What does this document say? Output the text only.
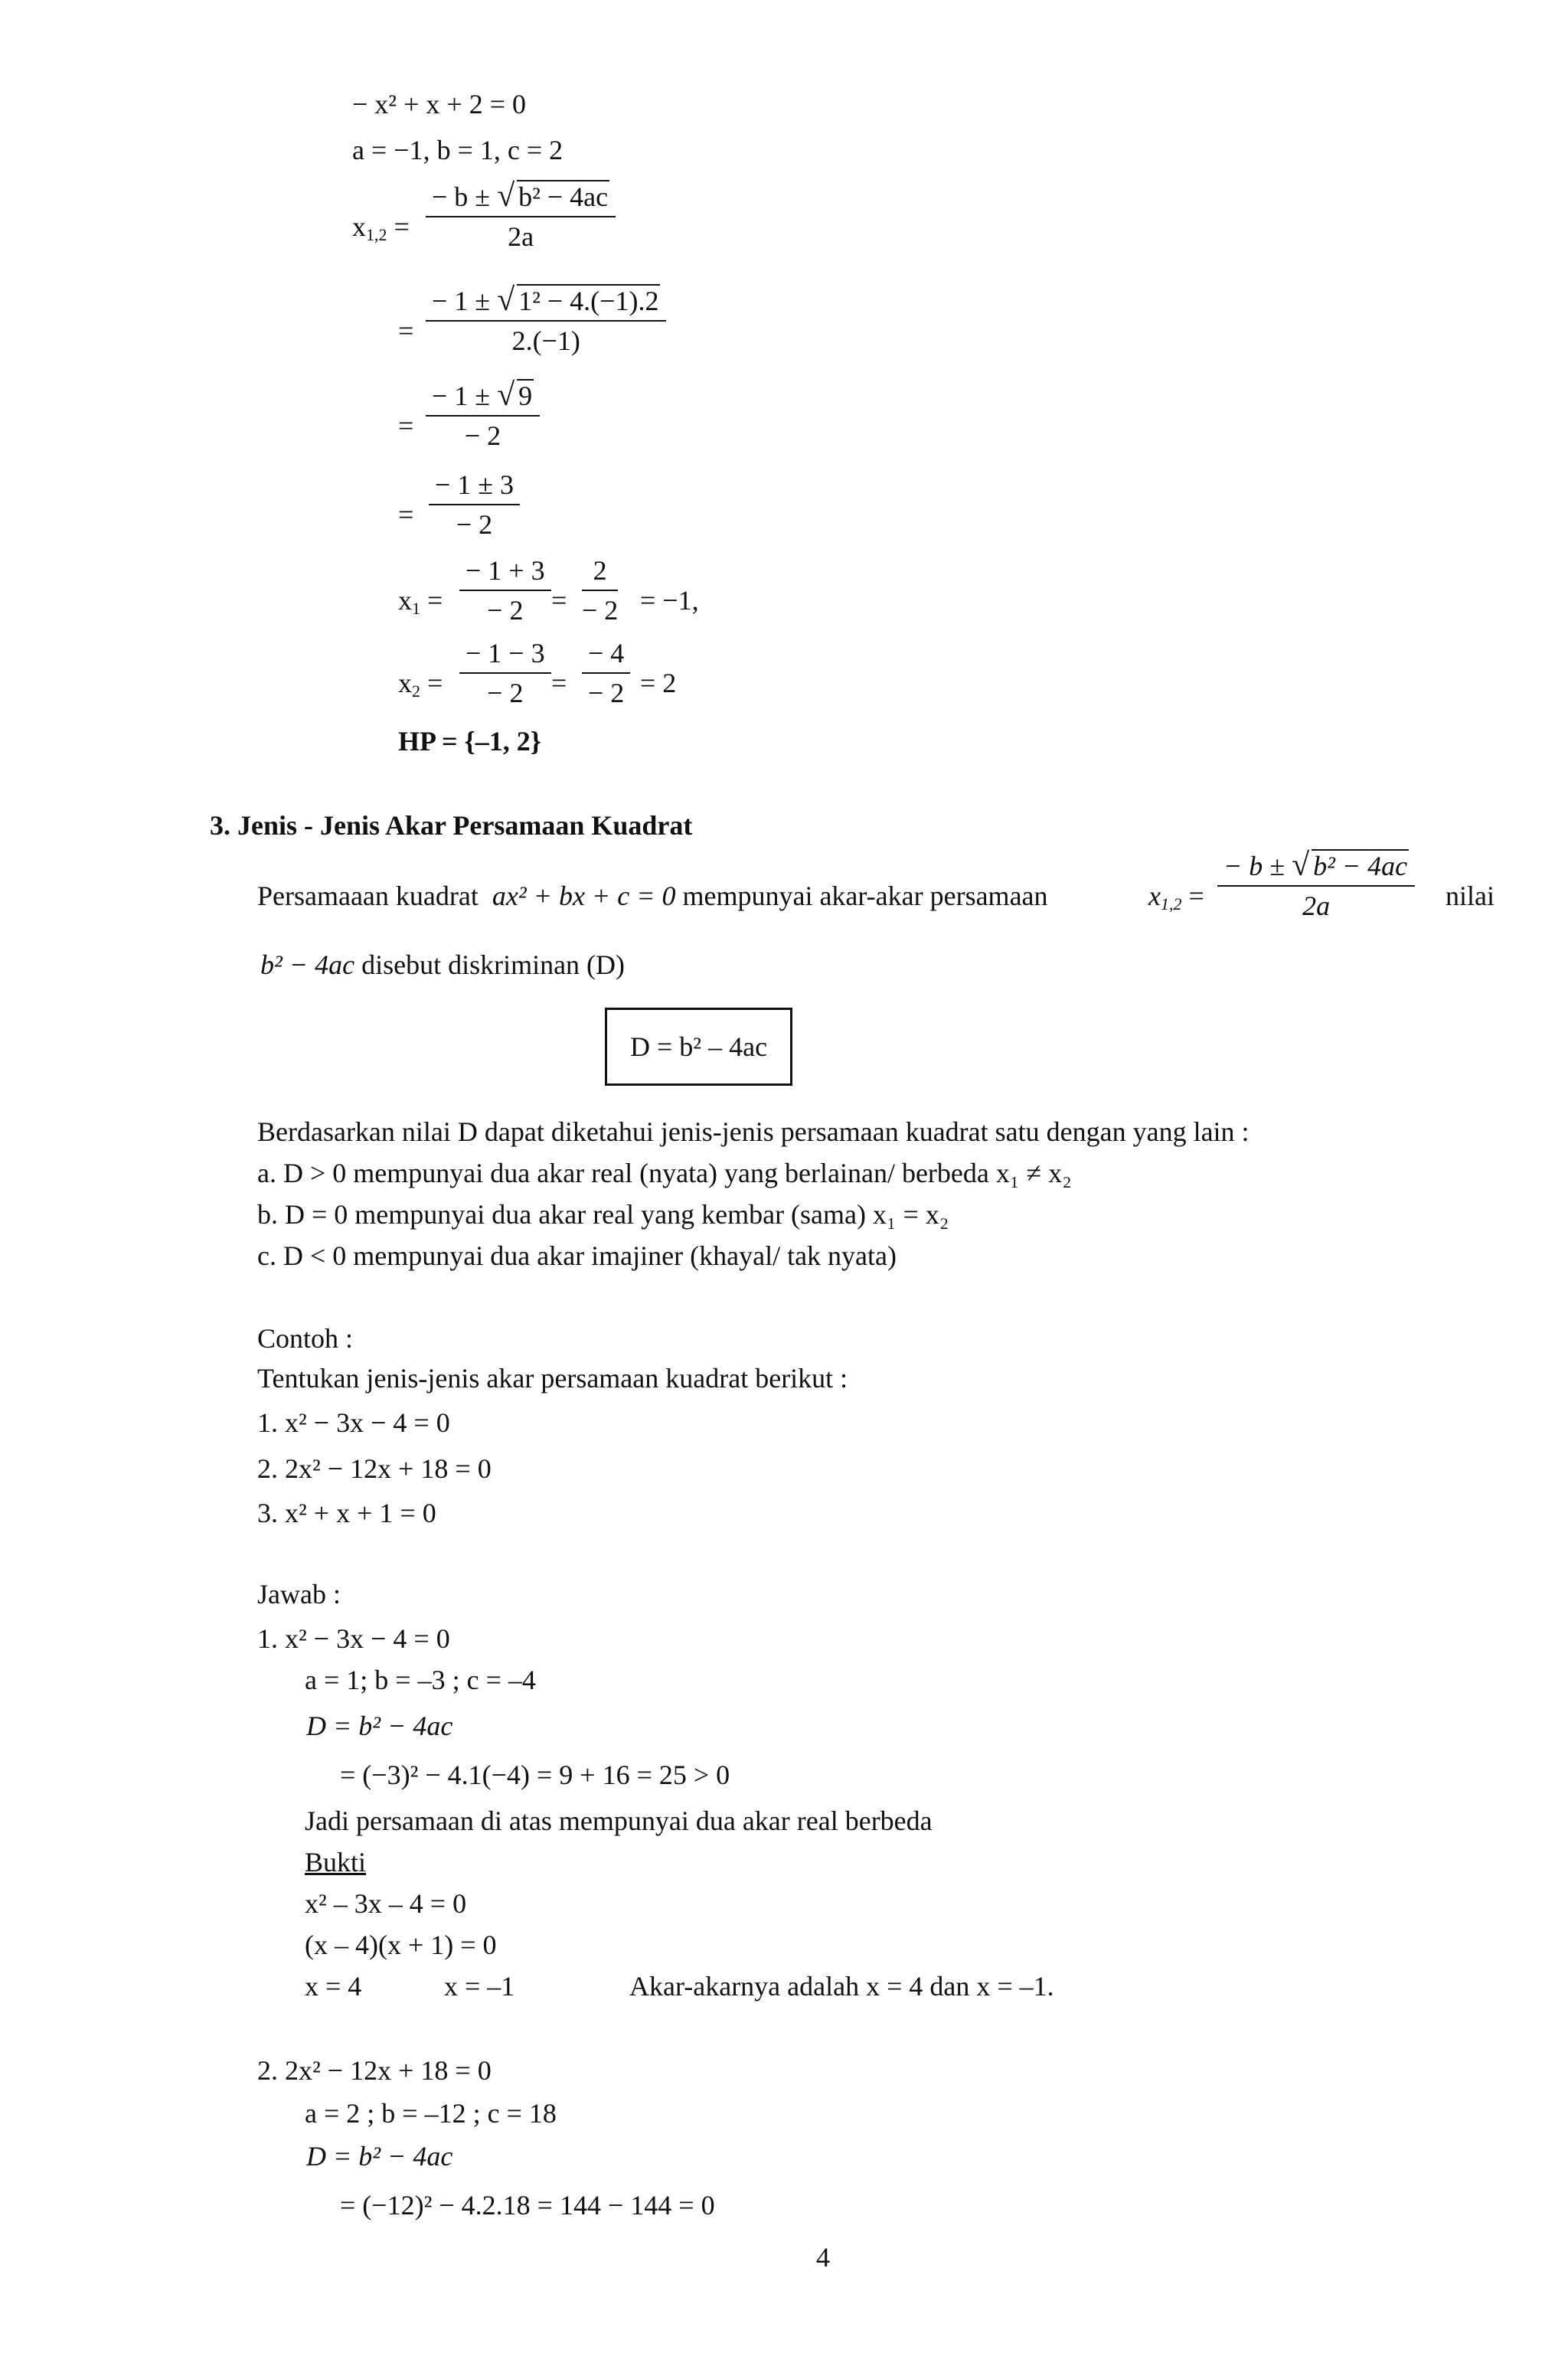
− x² + x + 2 = 0
a = −1, b = 1, c = 2
$x_{1,2} = \frac{\text{− b ± √ b² − 4ac}}{2a}$
= $\frac{\text{− 1 ± √ 1² − 4.(−1).2}}{2.(-1)}$
= $\frac{- 1 \pm √ 9}{- 2}$
= $\frac{- 1 \pm 3}{- 2}$
$x_1 = \frac{- 1 + 3}{- 2} = \frac{2}{- 2} = -1$,
$x_2 = \frac{- 1 - 3}{- 2} = \frac{- 4}{- 2} = 2$
HP = {–1, 2}
3. Jenis - Jenis Akar Persamaan Kuadrat
Persamaaan kuadrat ax² + bx + c = 0 mempunyai akar-akar persamaan	$x_{1,2} = \frac{\text{− b ± √ b² − 4ac}}{2a}$ nilai
b² − 4ac disebut diskriminan (D)
D = b² – 4ac
Berdasarkan nilai D dapat diketahui jenis-jenis persamaan kuadrat satu dengan yang lain :
a. D > 0 mempunyai dua akar real (nyata) yang berlainan/ berbeda x₁ ≠ x₂
b. D = 0 mempunyai dua akar real yang kembar (sama) x₁ = x₂
c. D < 0 mempunyai dua akar imajiner (khayal/ tak nyata)
Contoh :
Tentukan jenis-jenis akar persamaan kuadrat berikut :
1. x² − 3x − 4 = 0
2. 2x² − 12x + 18 = 0
3. x² + x + 1 = 0
Jawab :
1. x² − 3x − 4 = 0
a = 1; b = –3 ; c = –4
D = b² − 4ac
= (−3)² − 4.1(−4) = 9 + 16 = 25 > 0
Jadi persamaan di atas mempunyai dua akar real berbeda
Bukti
x² – 3x – 4 = 0
(x – 4)(x + 1) = 0
x = 4	x = –1	Akar-akarnya adalah x = 4 dan x = –1.
2. 2x² − 12x + 18 = 0
a = 2 ; b = –12 ; c = 18
D = b² − 4ac
= (−12)² − 4.2.18 = 144 − 144 = 0
4
